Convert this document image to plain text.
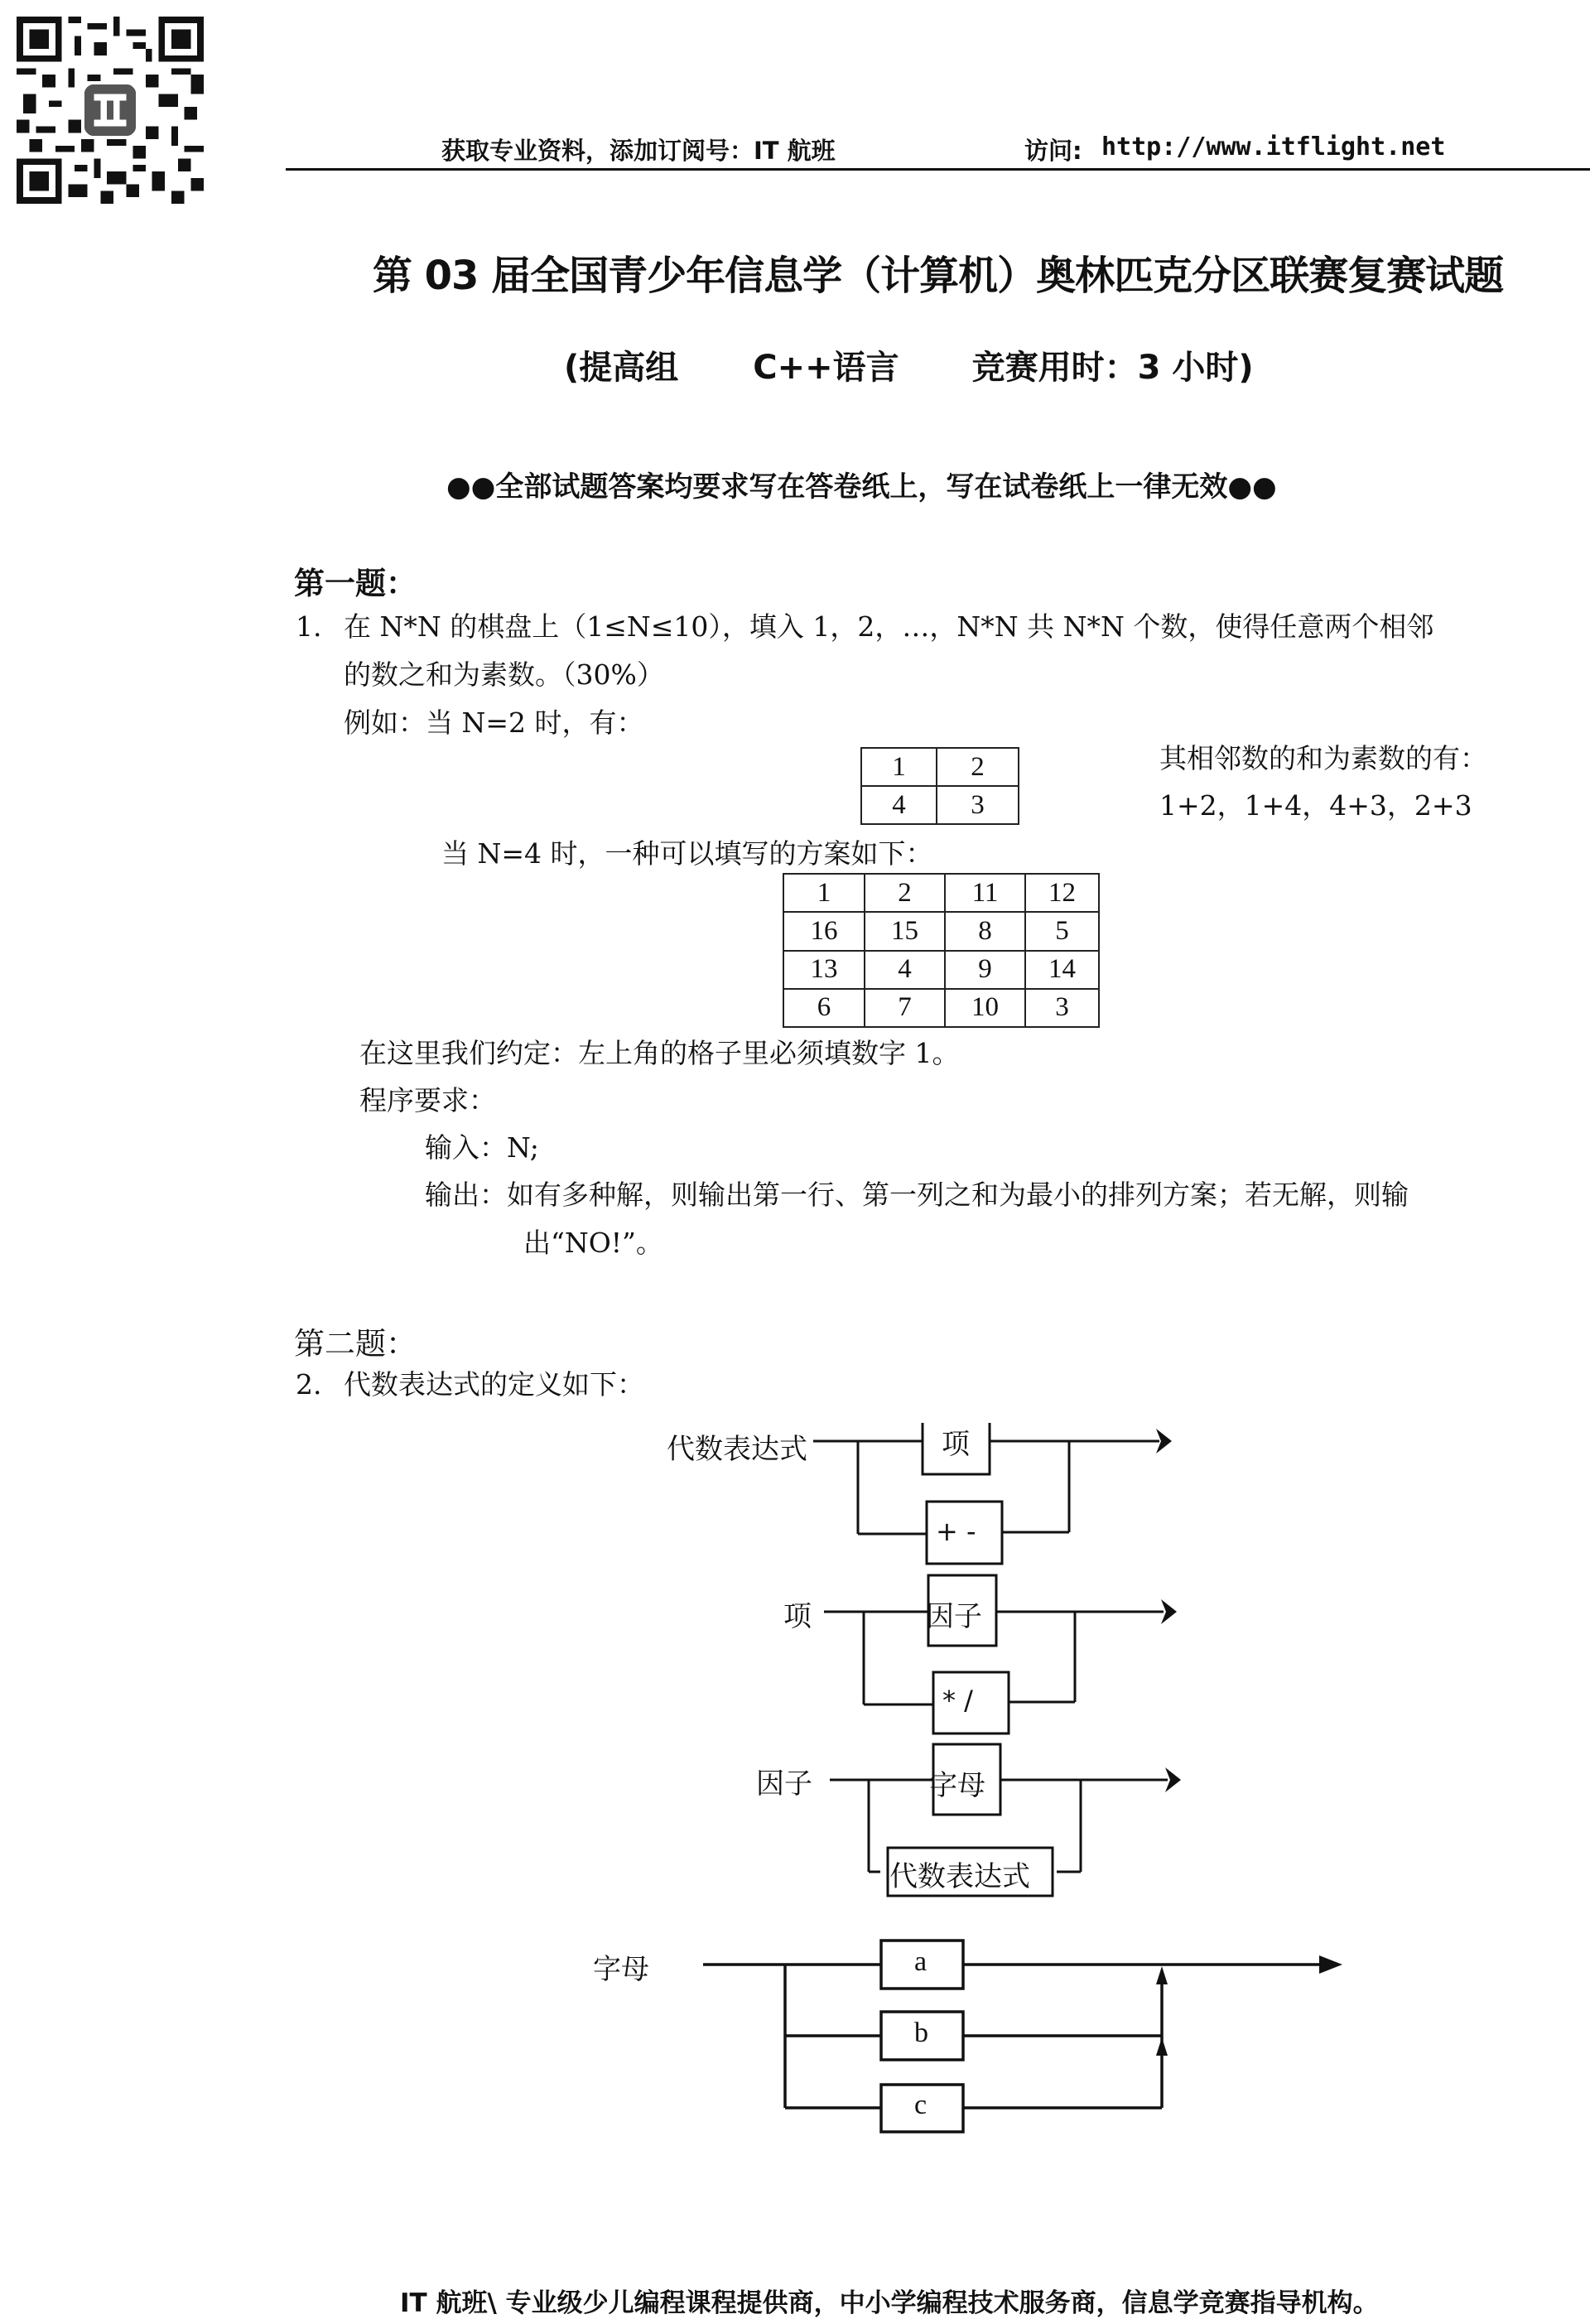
获取专业资料，添加订阅号：IT 航班	访问: http://www.itflight.net
第 03 届全国青少年信息学（计算机）奥林匹克分区联赛复赛试题
(提高组 C++语言 竞赛用时：3 小时)
●●全部试题答案均要求写在答卷纸上，写在试卷纸上一律无效●●
第一题：
1. 在 N*N 的棋盘上（1≤N≤10），填入 1，2，…，N*N 共 N*N 个数，使得任意两个相邻
的数之和为素数。（30%）
例如：当 N=2 时，有：
1	2
4	3
其相邻数的和为素数的有：
1+2，1+4，4+3，2+3
当 N=4 时，一种可以填写的方案如下：
1	2	11	12
16	15	8	5
13	4	9	14
6	7	10	3
在这里我们约定：左上角的格子里必须填数字 1。
程序要求：
输入：N;
输出：如有多种解，则输出第一行、第一列之和为最小的排列方案；若无解，则输
出“NO!”。
第二题：
2. 代数表达式的定义如下：
代数表达式	项
+ -
项	因子
* /
因子	字母
代数表达式
字母	a
b
c
IT 航班\ 专业级少儿编程课程提供商，中小学编程技术服务商，信息学竞赛指导机构。
